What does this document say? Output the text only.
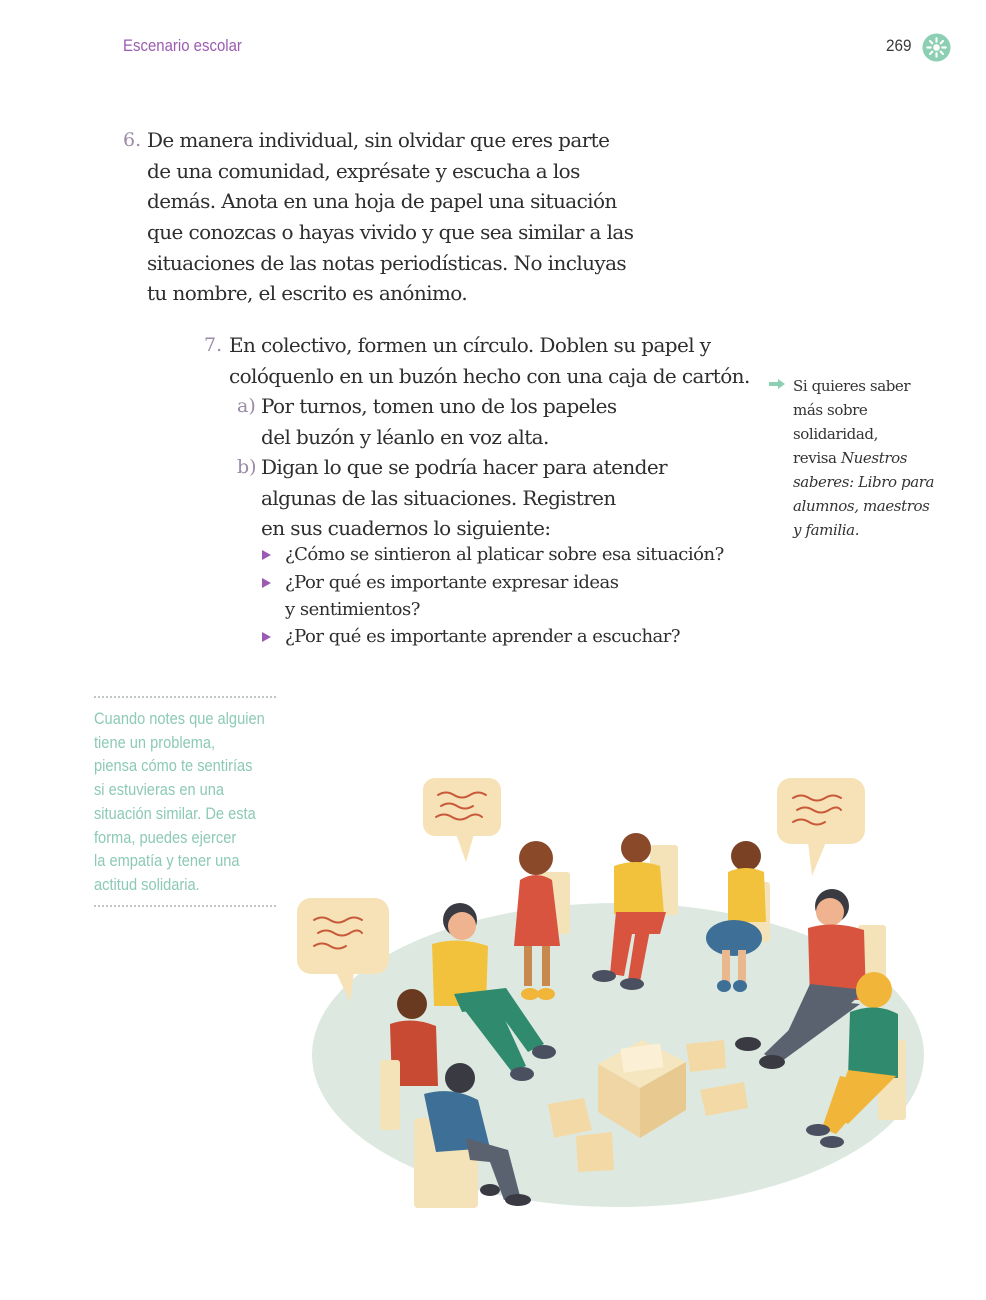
Escenario escolar	269
6. De manera individual, sin olvidar que eres parte
de una comunidad, exprésate y escucha a los
demás. Anota en una hoja de papel una situación
que conozcas o hayas vivido y que sea similar a las
situaciones de las notas periodísticas. No incluyas
tu nombre, el escrito es anónimo.
7. En colectivo, formen un círculo. Doblen su papel y
colóquenlo en un buzón hecho con una caja de cartón.
a) Por turnos, tomen uno de los papeles
del buzón y léanlo en voz alta.
b) Digan lo que se podría hacer para atender
algunas de las situaciones. Registren
en sus cuadernos lo siguiente:
¿Cómo se sintieron al platicar sobre esa situación?
¿Por qué es importante expresar ideas
y sentimientos?
¿Por qué es importante aprender a escuchar?
Si quieres saber
más sobre
solidaridad,
revisa Nuestros
saberes: Libro para
alumnos, maestros
y familia.
Cuando notes que alguien
tiene un problema,
piensa cómo te sentirías
si estuvieras en una
situación similar. De esta
forma, puedes ejercer
la empatía y tener una
actitud solidaria.
